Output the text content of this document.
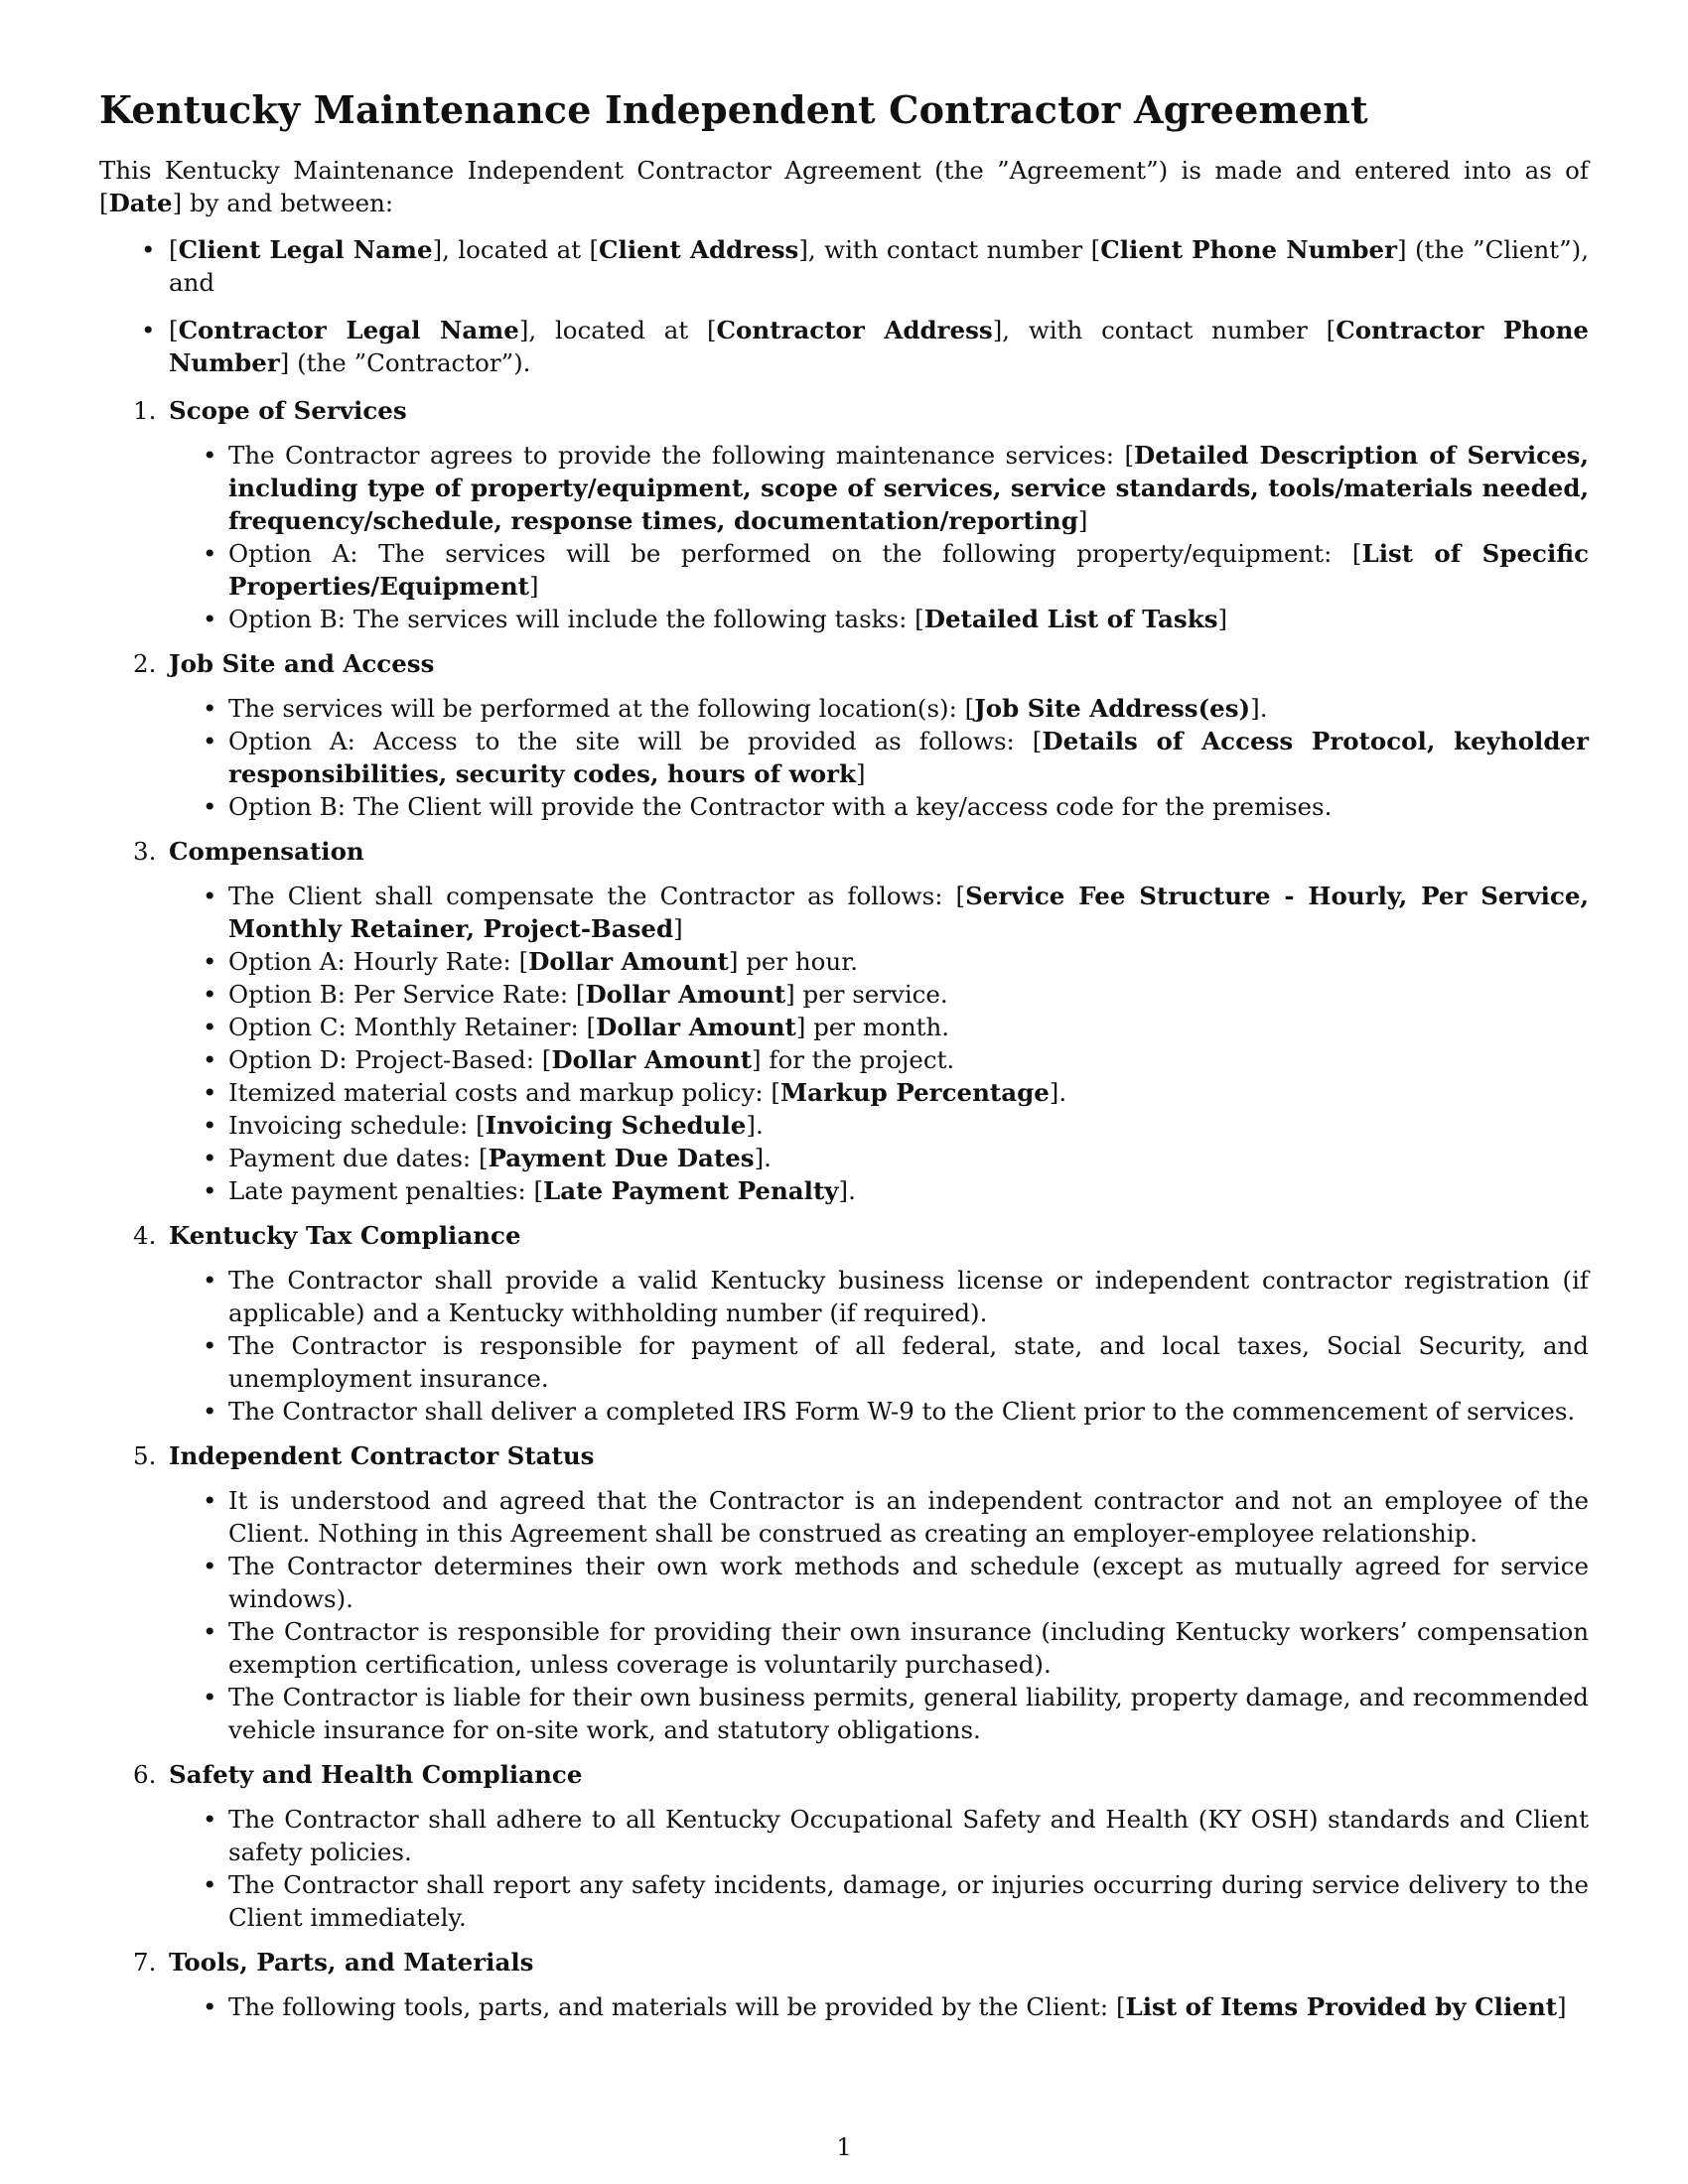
Kentucky Maintenance Independent Contractor Agreement

This Kentucky Maintenance Independent Contractor Agreement (the ”Agreement”) is made and entered into as of [Date] by and between:

• [Client Legal Name], located at [Client Address], with contact number [Client Phone Number] (the ”Client”), and
• [Contractor Legal Name], located at [Contractor Address], with contact number [Contractor Phone Number] (the ”Contractor”).
1. Scope of Services
• The Contractor agrees to provide the following maintenance services: [Detailed Description of Services, including type of property/equipment, scope of services, service standards, tools/materials needed, frequency/schedule, response times, documentation/reporting]
• Option A: The services will be performed on the following property/equipment: [List of Specific Properties/Equipment]
• Option B: The services will include the following tasks: [Detailed List of Tasks]
2. Job Site and Access
• The services will be performed at the following location(s): [Job Site Address(es)].
• Option A: Access to the site will be provided as follows: [Details of Access Protocol, keyholder responsibilities, security codes, hours of work]
• Option B: The Client will provide the Contractor with a key/access code for the premises.
3. Compensation
• The Client shall compensate the Contractor as follows: [Service Fee Structure - Hourly, Per Service, Monthly Retainer, Project-Based]
• Option A: Hourly Rate: [Dollar Amount] per hour.
• Option B: Per Service Rate: [Dollar Amount] per service.
• Option C: Monthly Retainer: [Dollar Amount] per month.
• Option D: Project-Based: [Dollar Amount] for the project.
• Itemized material costs and markup policy: [Markup Percentage].
• Invoicing schedule: [Invoicing Schedule].
• Payment due dates: [Payment Due Dates].
• Late payment penalties: [Late Payment Penalty].
4. Kentucky Tax Compliance
• The Contractor shall provide a valid Kentucky business license or independent contractor registration (if applicable) and a Kentucky withholding number (if required).
• The Contractor is responsible for payment of all federal, state, and local taxes, Social Security, and unemployment insurance.
• The Contractor shall deliver a completed IRS Form W-9 to the Client prior to the commencement of services.
5. Independent Contractor Status
• It is understood and agreed that the Contractor is an independent contractor and not an employee of the Client. Nothing in this Agreement shall be construed as creating an employer-employee relationship.
• The Contractor determines their own work methods and schedule (except as mutually agreed for service windows).
• The Contractor is responsible for providing their own insurance (including Kentucky workers’ compensation exemption certification, unless coverage is voluntarily purchased).
• The Contractor is liable for their own business permits, general liability, property damage, and recommended vehicle insurance for on-site work, and statutory obligations.
6. Safety and Health Compliance
• The Contractor shall adhere to all Kentucky Occupational Safety and Health (KY OSH) standards and Client safety policies.
• The Contractor shall report any safety incidents, damage, or injuries occurring during service delivery to the Client immediately.
7. Tools, Parts, and Materials
• The following tools, parts, and materials will be provided by the Client: [List of Items Provided by Client]
1
